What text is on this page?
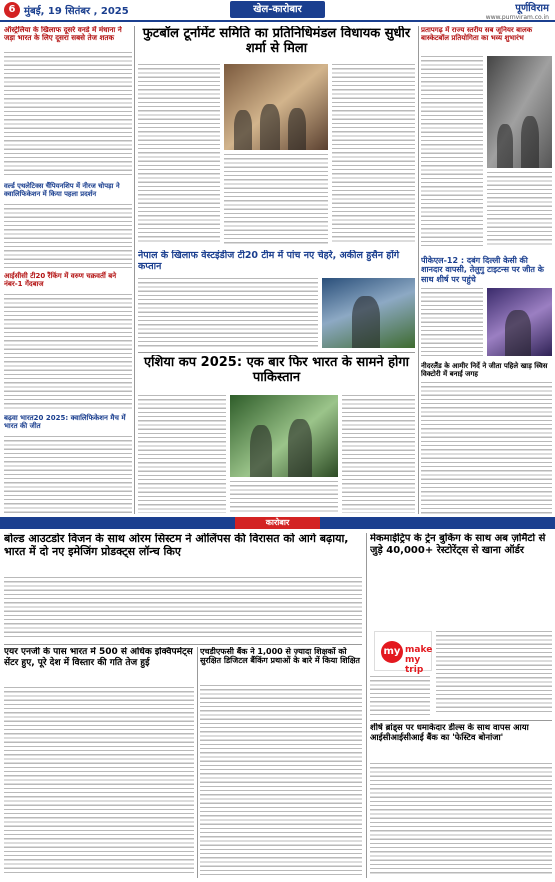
6 मुंबई, 19 सितंबर , 2025	खेल-कारोबार	पूर्णविराम
www.purnviram.co.in
ऑस्ट्रेलिया के खिलाफ दूसरे वनडे में मंधाना ने जड़ा भारत के लिए दूसरा सबसे तेज शतक
वर्ल्ड एथलेटिक्स चैंपियनशिप में नीरज चोपड़ा ने क्वालिफिकेशन में किया पहला प्रदर्शन
आईसीसी टी20 रैंकिंग में वरुण चक्रवर्ती बने नंबर-1 गेंदबाज
बढ़वा भारत20 2025: क्वालिफिकेशन मैच में भारत की जीत
फुटबॉल टूर्नामेंट समिति का प्रतिनिधिमंडल विधायक सुधीर शर्मा से मिला
नेपाल के खिलाफ वेस्टइंडीज टी20 टीम में पांच नए चेहरे, अकील हुसैन होंगे कप्तान
प्रतापगढ़ में राज्य स्तरीय सब जूनियर बालक बास्केटबॉल प्रतियोगिता का भव्य शुभारंभ
पीकेएल-12 : दबंग दिल्ली केसी की शानदार वापसी, तेलुगु टाइटन्स पर जीत के साथ शीर्ष पर पहुंचे
नीदरलैंड के आमीर निर्दे ने जीता पहिले खाड़ स्विस विक्टोरी में बनाई जगह
एशिया कप 2025: एक बार फिर भारत के सामने होगा पाकिस्तान
कारोबार
बोल्ड आउटडोर विजन के साथ ओरम सिस्टम ने ओलिंपस की विरासत को आगे बढ़ाया, भारत में दो नए इमेजिंग प्रोडक्ट्स लॉन्च किए
मेकमाईट्रिप के ट्रेन बुकिंग के साथ अब ज़ोमैटो से जुड़े 40,000+ रेस्टोरेंट्स से खाना ऑर्डर
my make my trip
एयर एनजी के पास भारत में 500 से अधिक इक्विपमेंट्स सेंटर हुए, पूरे देश में विस्तार की गति तेज हुई
एचडीएफसी बैंक ने 1,000 से ज़्यादा शिक्षकों को सुरक्षित डिजिटल बैंकिंग प्रथाओं के बारे में किया शिक्षित
शीर्ष ब्रांड्स पर धमाकेदार डील्स के साथ वापस आया आईसीआईसीआई बैंक का 'फेस्टिव बोनांजा'
